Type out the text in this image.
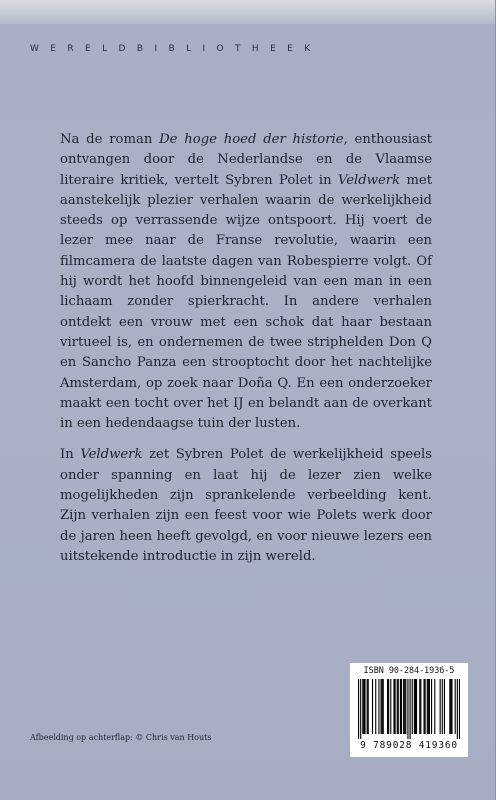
WERELDBIBLIOTHEEK

Na de roman De hoge hoed der historie, enthousiast ontvangen door de Nederlandse en de Vlaamse literaire kritiek, vertelt Sybren Polet in Veldwerk met aanstekelijk plezier verhalen waarin de werkelijkheid steeds op verrassende wijze ontspoort. Hij voert de lezer mee naar de Franse revolutie, waarin een filmcamera de laatste dagen van Robespierre volgt. Of hij wordt het hoofd binnengeleid van een man in een lichaam zonder spierkracht. In andere verhalen ontdekt een vrouw met een schok dat haar bestaan virtueel is, en ondernemen de twee striphelden Don Q en Sancho Panza een strooptocht door het nachtelijke Amsterdam, op zoek naar Doña Q. En een onderzoeker maakt een tocht over het IJ en belandt aan de overkant in een hedendaagse tuin der lusten.

In Veldwerk zet Sybren Polet de werkelijkheid speels onder spanning en laat hij de lezer zien welke mogelijkheden zijn sprankelende verbeelding kent. Zijn verhalen zijn een feest voor wie Polets werk door de jaren heen heeft gevolgd, en voor nieuwe lezers een uitstekende introductie in zijn wereld.

ISBN 90-284-1936-5
9 789028 419360
Afbeelding op achterflap: © Chris van Houts
